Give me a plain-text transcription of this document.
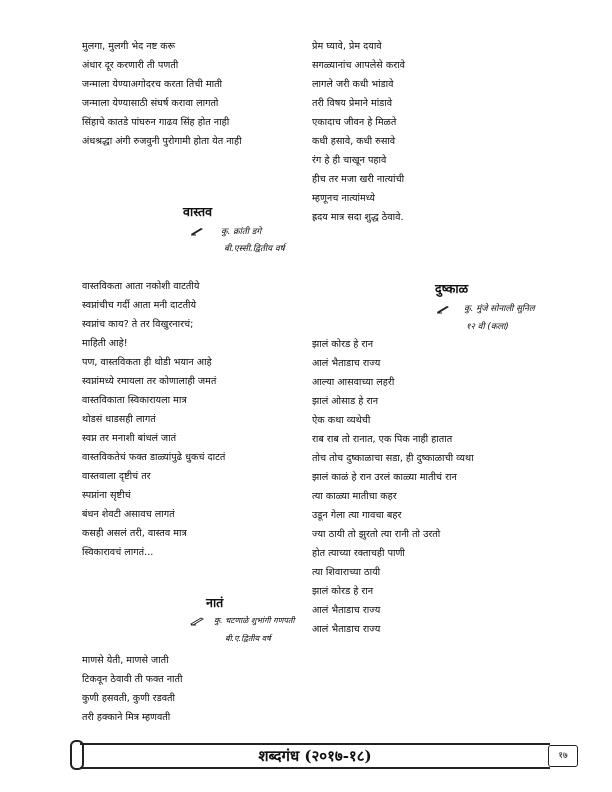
मुलगा, मुलगी भेद नष्ट करू
अंधार दूर करणारी ती पणती
जन्माला येण्याअगोदरच करता तिची माती
जन्माला येण्यासाठी संघर्ष करावा लागतो
सिंहाचे कातडे पांघरुन गाढव सिंह होत नाही
अंधश्रद्धा अंगी रुजवुनी पुरोगामी होता येत नाही
प्रेम घ्यावे, प्रेम दयावे
सगळ्यानांच आपलेसे करावे
लागले जरी कधी भांडावे
तरी विषय प्रेमाने मांडावे
एकादाच जीवन हे मिळते
कधी हसावे, कधी रुसावे
रंग हे ही चाखून पहावे
हीच तर मजा खरी नात्यांची
म्हणूनच नात्यांमध्ये
ह्रदय मात्र सदा शुद्ध ठेवावे.
वास्तव
कु. क्रांती डगे
बी.एस्सी.द्वितीय वर्ष
वास्तविकता आता नकोशी वाटतीये
स्वप्नांचीच गर्दी आता मनी दाटतीये
स्वप्नांच काय? ते तर विखुरनारचं;
माहिती आहे!
पण, वास्तविकता ही थोडी भयान आहे
स्वप्नांमध्ये रमायला तर कोणालाही जमतं
वास्तविकाता स्विकारायला मात्र
थोडसं धाडसही लागतं
स्वप्न तर मनाशी बांधलं जातं
वास्तविकतेचं फक्त डाळ्यांपुढे धुकचं दाटतं
वास्तवाला दृष्टीचं तर
स्पप्नांना सृष्टीचं
बंधन शेवटी असावच लागतं
कसही असलं तरी, वास्तव मात्र
स्विकारावचं लागतं...
दुष्काळ
कु. मुंजे सोनाली सुनिल
१२ वी (कला)
झालं कोरड हे रान
आलं भैताडाच राज्य
आल्या आसवाच्या लहरी
झालं ओसाड हे रान
ऐक कथा व्यथेची
राब राब तो रानात, एक पिक नाही हातात
तोच तोच दुष्काळाचा सडा, ही दुष्काळाची व्यथा
झालं काळं हे रान उरलं काळ्या मातीचं रान
त्या काळ्या मातीचा कहर
उडून गेला त्या गावचा बहर
ज्या ठायी तो झुरतो त्या रानी तो उरतो
होत त्याच्या रक्ताचही पाणी
त्या शिवाराच्या ठायी
झालं कोरड हे रान
आलं भैताडाच राज्य
आलं भैताडाच राज्य
नातं
कु. चटणाळे शुभांगी गणपती
बी.ए.द्वितीय वर्ष
माणसे येती, माणसे जाती
टिकवून ठेवावी ती फक्त नाती
कुणी हसवती, कुणी रडवती
तरी हक्काने मित्र म्हणवती
शब्दगंध (२०१७-१८)	१७
